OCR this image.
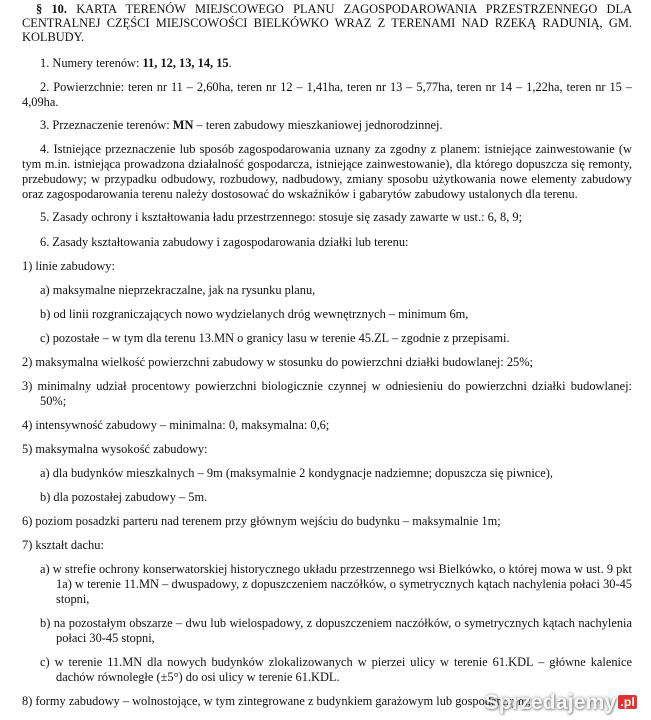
§ 10. KARTA TERENÓW MIEJSCOWEGO PLANU ZAGOSPODAROWANIA PRZESTRZENNEGO DLA CENTRALNEJ CZĘŚCI MIEJSCOWOŚCI BIELKÓWKO WRAZ Z TERENAMI NAD RZEKĄ RADUNIĄ, GM. KOLBUDY.

1. Numery terenów: 11, 12, 13, 14, 15.

2. Powierzchnie: teren nr 11 – 2,60ha, teren nr 12 – 1,41ha, teren nr 13 – 5,77ha, teren nr 14 – 1,22ha, teren nr 15 – 4,09ha.

3. Przeznaczenie terenów: MN – teren zabudowy mieszkaniowej jednorodzinnej.

4. Istniejące przeznaczenie lub sposób zagospodarowania uznany za zgodny z planem: istniejące zainwestowanie (w tym m.in. istniejąca prowadzona działalność gospodarcza, istniejące zainwestowanie), dla którego dopuszcza się remonty, przebudowy; w przypadku odbudowy, rozbudowy, nadbudowy, zmiany sposobu użytkowania nowe elementy zabudowy oraz zagospodarowania terenu należy dostosować do wskaźników i gabarytów zabudowy ustalonych dla terenu.

5. Zasady ochrony i kształtowania ładu przestrzennego: stosuje się zasady zawarte w ust.: 6, 8, 9;

6. Zasady kształtowania zabudowy i zagospodarowania działki lub terenu:

1) linie zabudowy:

a) maksymalne nieprzekraczalne, jak na rysunku planu,

b) od linii rozgraniczających nowo wydzielanych dróg wewnętrznych – minimum 6m,

c) pozostałe – w tym dla terenu 13.MN o granicy lasu w terenie 45.ZL – zgodnie z przepisami.

2) maksymalna wielkość powierzchni zabudowy w stosunku do powierzchni działki budowlanej: 25%;

3) minimalny udział procentowy powierzchni biologicznie czynnej w odniesieniu do powierzchni działki budowlanej: 50%;

4) intensywność zabudowy – minimalna: 0, maksymalna: 0,6;

5) maksymalna wysokość zabudowy:

a) dla budynków mieszkalnych – 9m (maksymalnie 2 kondygnacje nadziemne; dopuszcza się piwnice),

b) dla pozostałej zabudowy – 5m.

6) poziom posadzki parteru nad terenem przy głównym wejściu do budynku – maksymalnie 1m;

7) kształt dachu:

a) w strefie ochrony konserwatorskiej historycznego układu przestrzennego wsi Bielkówko, o której mowa w ust. 9 pkt 1a) w terenie 11.MN – dwuspadowy, z dopuszczeniem naczółków, o symetrycznych kątach nachylenia połaci 30-45 stopni,

b) na pozostałym obszarze – dwu lub wielospadowy, z dopuszczeniem naczółków, o symetrycznych kątach nachylenia połaci 30-45 stopni,

c) w terenie 11.MN dla nowych budynków zlokalizowanych w pierzei ulicy w terenie 61.KDL – główne kalenice dachów równoległe (±5°) do osi ulicy w terenie 61.KDL.

8) formy zabudowy – wolnostojące, w tym zintegrowane z budynkiem garażowym lub gospodarczym;

Sprzedajemy $^{.pl}$
